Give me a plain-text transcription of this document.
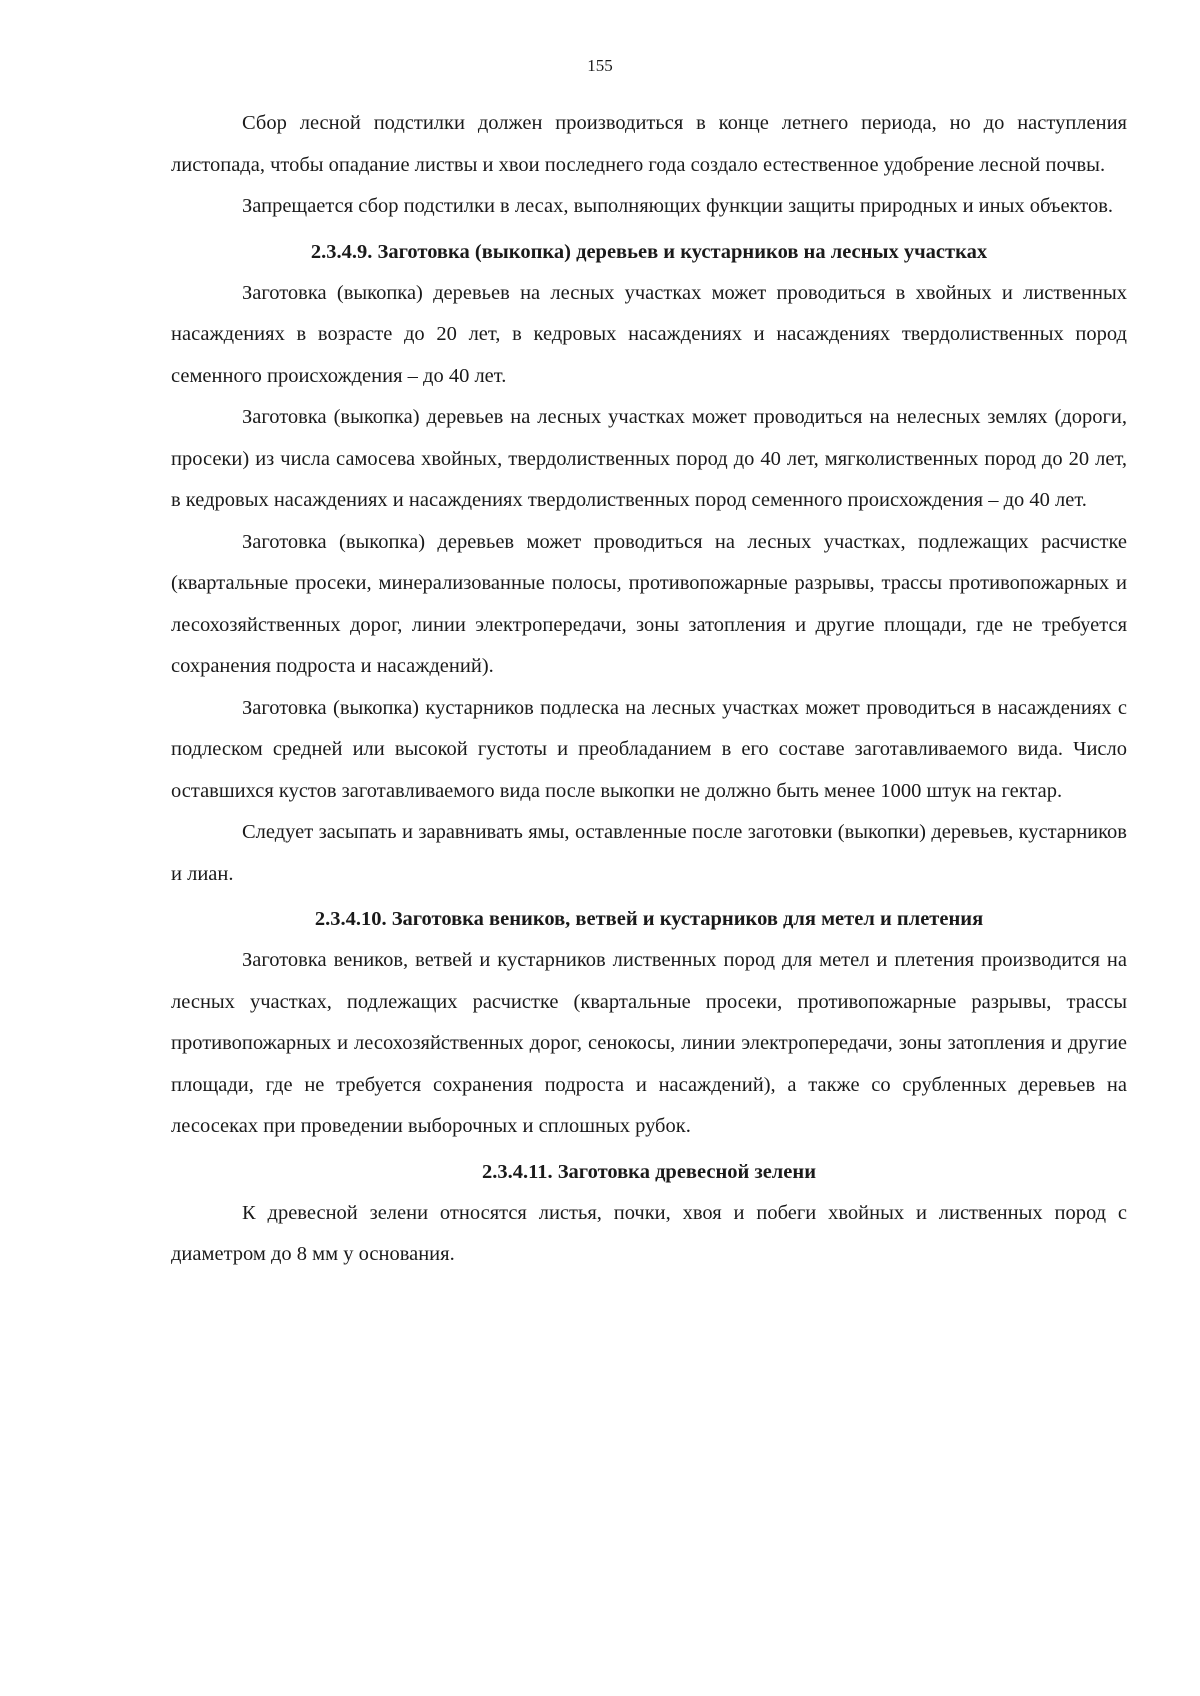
155

Сбор лесной подстилки должен производиться в конце летнего периода, но до наступления листопада, чтобы опадание листвы и хвои последнего года создало естественное удобрение лесной почвы.

Запрещается сбор подстилки в лесах, выполняющих функции защиты природных и иных объектов.

2.3.4.9. Заготовка (выкопка) деревьев и кустарников на лесных участках

Заготовка (выкопка) деревьев на лесных участках может проводиться в хвойных и лиственных насаждениях в возрасте до 20 лет, в кедровых насаждениях и насаждениях твердолиственных пород семенного происхождения – до 40 лет.

Заготовка (выкопка) деревьев на лесных участках может проводиться на нелесных землях (дороги, просеки) из числа самосева хвойных, твердолиственных пород до 40 лет, мягколиственных пород до 20 лет, в кедровых насаждениях и насаждениях твердолиственных пород семенного происхождения – до 40 лет.

Заготовка (выкопка) деревьев может проводиться на лесных участках, подлежащих расчистке (квартальные просеки, минерализованные полосы, противопожарные разрывы, трассы противопожарных и лесохозяйственных дорог, линии электропередачи, зоны затопления и другие площади, где не требуется сохранения подроста и насаждений).

Заготовка (выкопка) кустарников подлеска на лесных участках может проводиться в насаждениях с подлеском средней или высокой густоты и преобладанием в его составе заготавливаемого вида. Число оставшихся кустов заготавливаемого вида после выкопки не должно быть менее 1000 штук на гектар.

Следует засыпать и заравнивать ямы, оставленные после заготовки (выкопки) деревьев, кустарников и лиан.

2.3.4.10. Заготовка веников, ветвей и кустарников для метел и плетения

Заготовка веников, ветвей и кустарников лиственных пород для метел и плетения производится на лесных участках, подлежащих расчистке (квартальные просеки, противопожарные разрывы, трассы противопожарных и лесохозяйственных дорог, сенокосы, линии электропередачи, зоны затопления и другие площади, где не требуется сохранения подроста и насаждений), а также со срубленных деревьев на лесосеках при проведении выборочных и сплошных рубок.

2.3.4.11. Заготовка древесной зелени

К древесной зелени относятся листья, почки, хвоя и побеги хвойных и лиственных пород с диаметром до 8 мм у основания.
